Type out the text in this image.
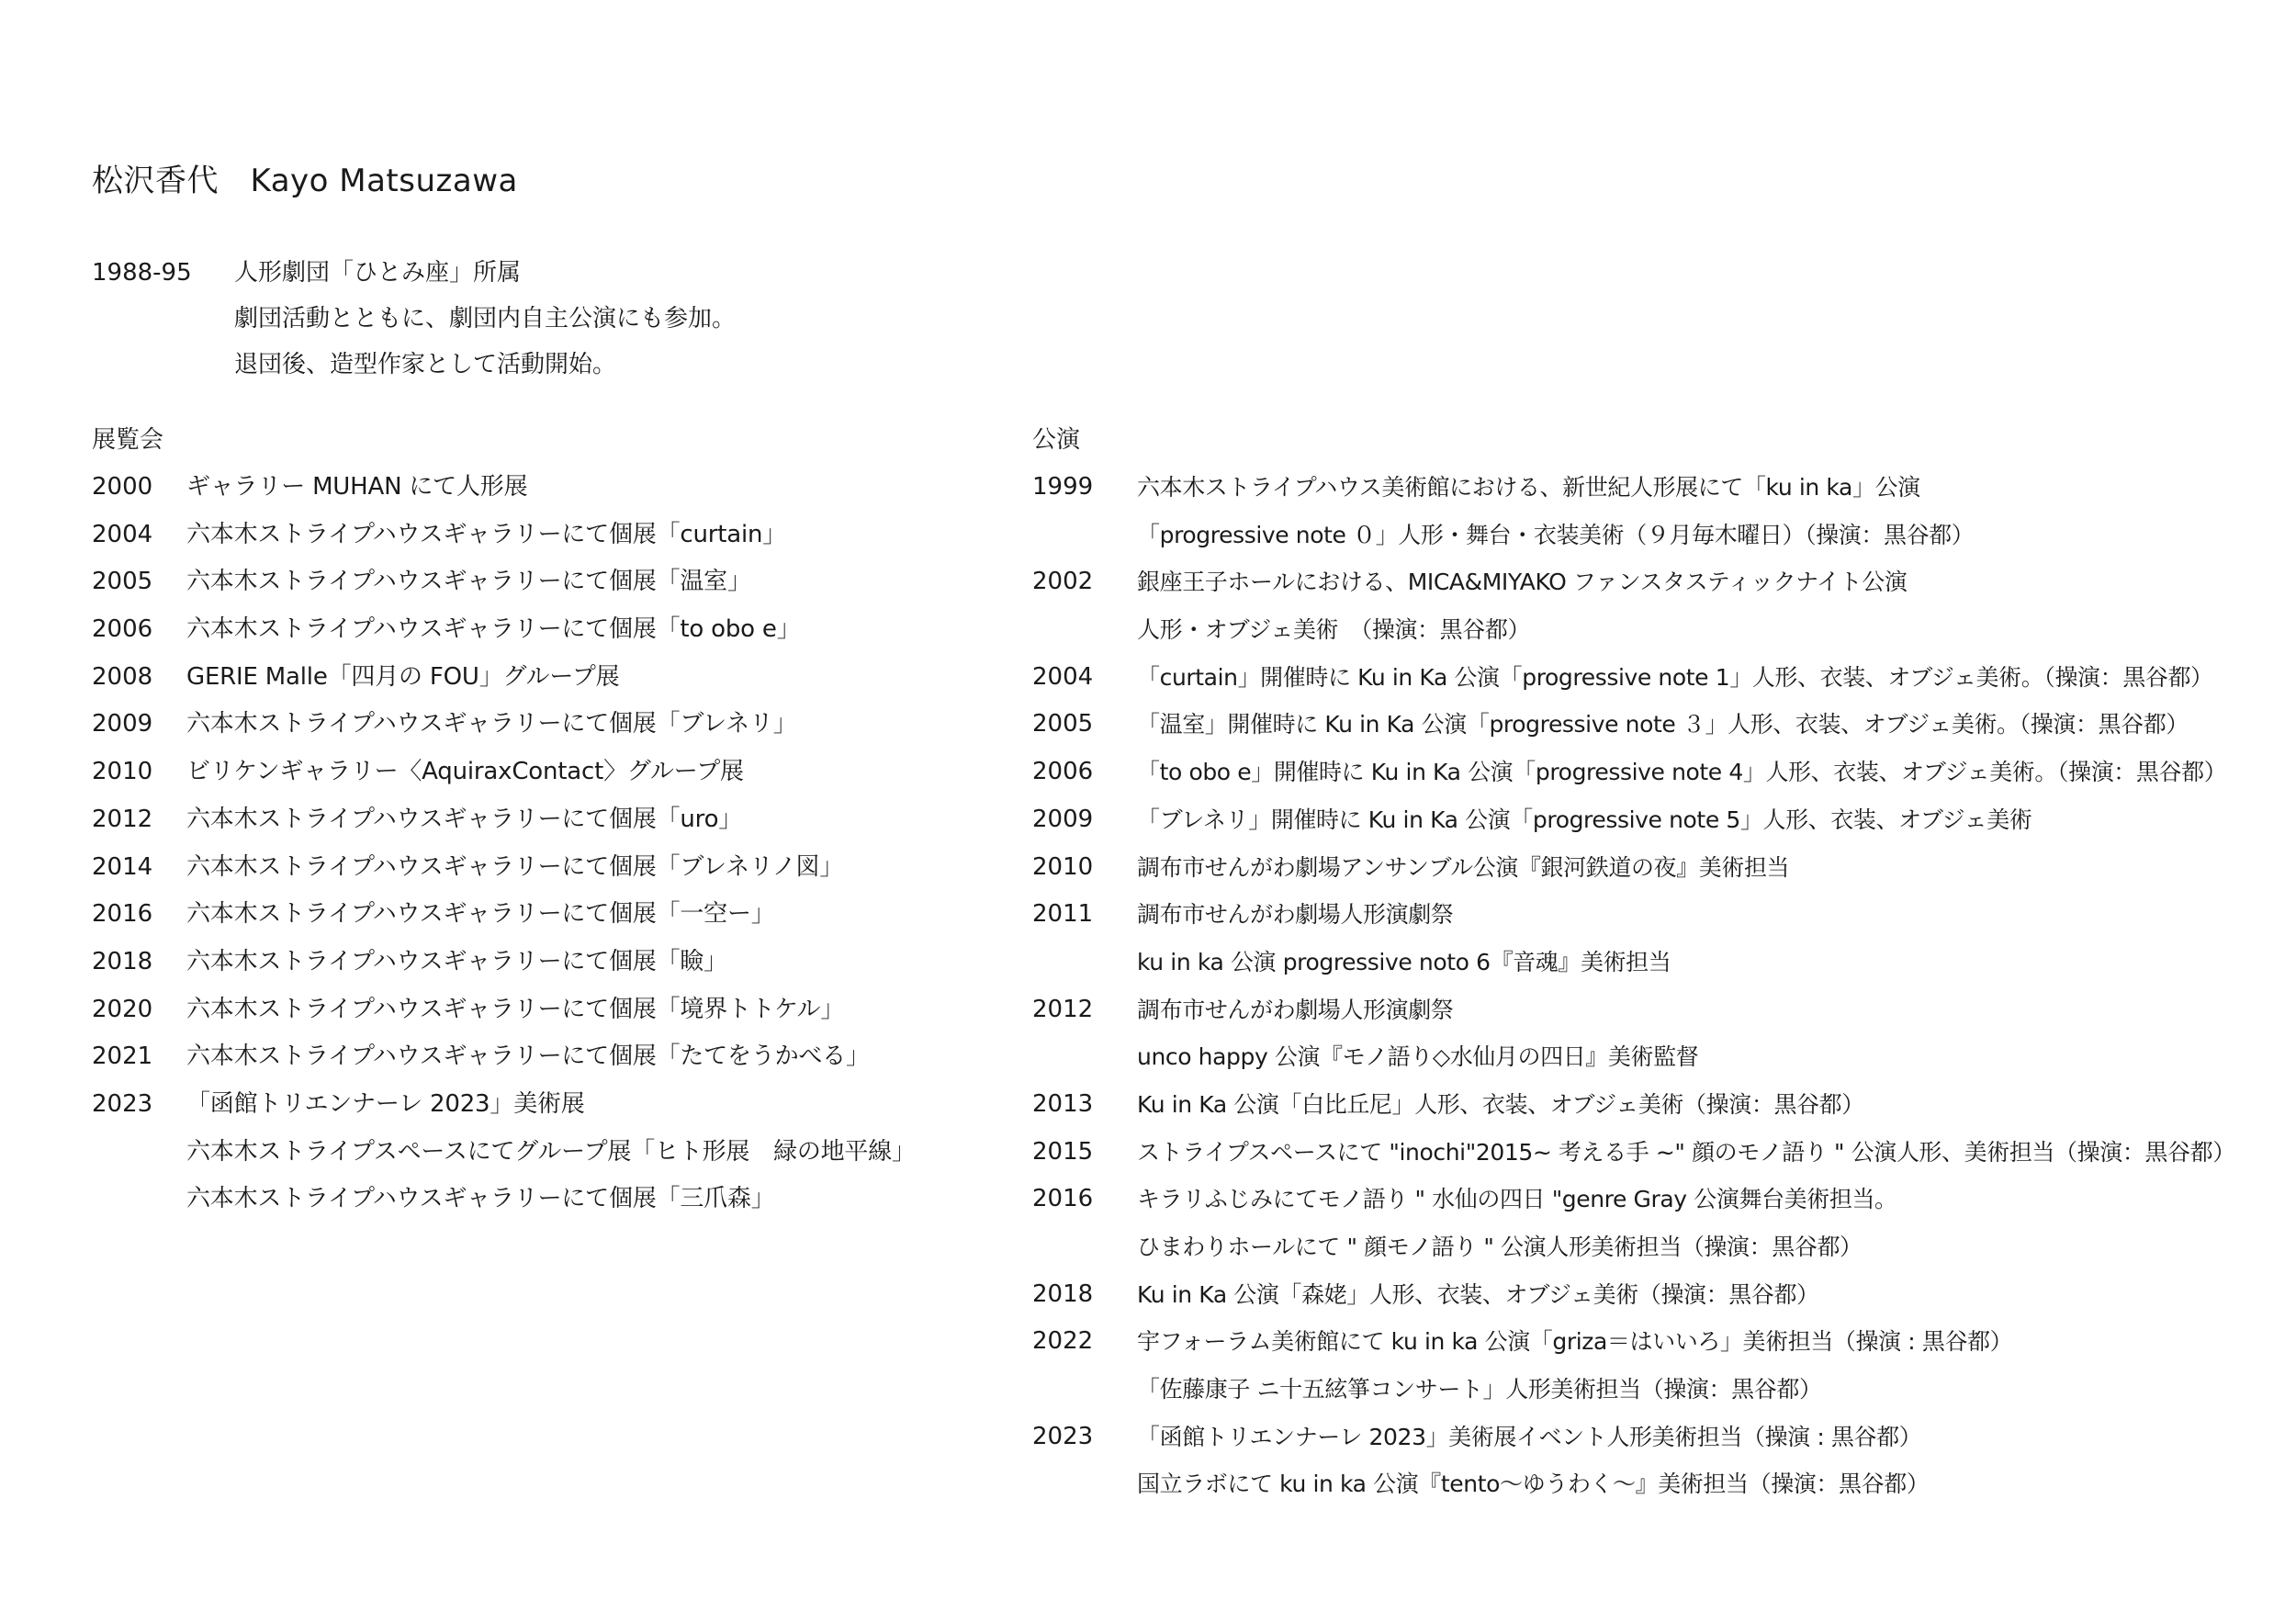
松沢香代　Kayo Matsuzawa
1988-95	人形劇団「ひとみ座」所属
劇団活動とともに、劇団内自主公演にも参加。
退団後、造型作家として活動開始。
展覧会
2000	ギャラリー MUHAN にて人形展
2004	六本木ストライプハウスギャラリーにて個展「curtain」
2005	六本木ストライプハウスギャラリーにて個展「温室」
2006	六本木ストライプハウスギャラリーにて個展「to obo e」
2008	GERIE Malle「四月の FOU」グループ展
2009	六本木ストライプハウスギャラリーにて個展「ブレネリ」
2010	ビリケンギャラリー〈AquiraxContact〉グループ展
2012	六本木ストライプハウスギャラリーにて個展「uro」
2014	六本木ストライプハウスギャラリーにて個展「ブレネリノ図」
2016	六本木ストライプハウスギャラリーにて個展「一空ー」
2018	六本木ストライプハウスギャラリーにて個展「瞼」
2020	六本木ストライプハウスギャラリーにて個展「境界トトケル」
2021	六本木ストライプハウスギャラリーにて個展「たてをうかべる」
2023	「函館トリエンナーレ 2023」美術展
六本木ストライプスペースにてグループ展「ヒト形展　緑の地平線」
六本木ストライプハウスギャラリーにて個展「三爪森」
公演
1999	六本木ストライプハウス美術館における、新世紀人形展にて「ku in ka」公演
「progressive note ０」人形・舞台・衣装美術（９月毎木曜日）（操演：黒谷都）
2002	銀座王子ホールにおける、MICA&MIYAKO ファンスタスティックナイト公演
人形・オブジェ美術　（操演：黒谷都）
2004	「curtain」開催時に Ku in Ka 公演「progressive note 1」人形、衣装、オブジェ美術。（操演：黒谷都）
2005	「温室」開催時に Ku in Ka 公演「progressive note ３」人形、衣装、オブジェ美術。（操演：黒谷都）
2006	「to obo e」開催時に Ku in Ka 公演「progressive note 4」人形、衣装、オブジェ美術。（操演：黒谷都）
2009	「ブレネリ」開催時に Ku in Ka 公演「progressive note 5」人形、衣装、オブジェ美術
2010	調布市せんがわ劇場アンサンブル公演『銀河鉄道の夜』美術担当
2011	調布市せんがわ劇場人形演劇祭
ku in ka 公演 progressive noto 6『音魂』美術担当
2012	調布市せんがわ劇場人形演劇祭
unco happy 公演『モノ語り◇水仙月の四日』美術監督
2013	Ku in Ka 公演「白比丘尼」人形、衣装、オブジェ美術（操演：黒谷都）
2015	ストライプスペースにて "inochi"2015~ 考える手 ~" 顔のモノ語り " 公演人形、美術担当（操演：黒谷都）
2016	キラリふじみにてモノ語り " 水仙の四日 "genre Gray 公演舞台美術担当。
ひまわりホールにて " 顔モノ語り " 公演人形美術担当（操演：黒谷都）
2018	Ku in Ka 公演「森姥」人形、衣装、オブジェ美術（操演：黒谷都）
2022	宇フォーラム美術館にて ku in ka 公演「griza＝はいいろ」美術担当（操演 : 黒谷都）
「佐藤康子 ニ十五絃箏コンサート」人形美術担当（操演：黒谷都）
2023	「函館トリエンナーレ 2023」美術展イベント人形美術担当（操演 : 黒谷都）
国立ラボにて ku in ka 公演『tento〜ゆうわく〜』美術担当（操演：黒谷都）
